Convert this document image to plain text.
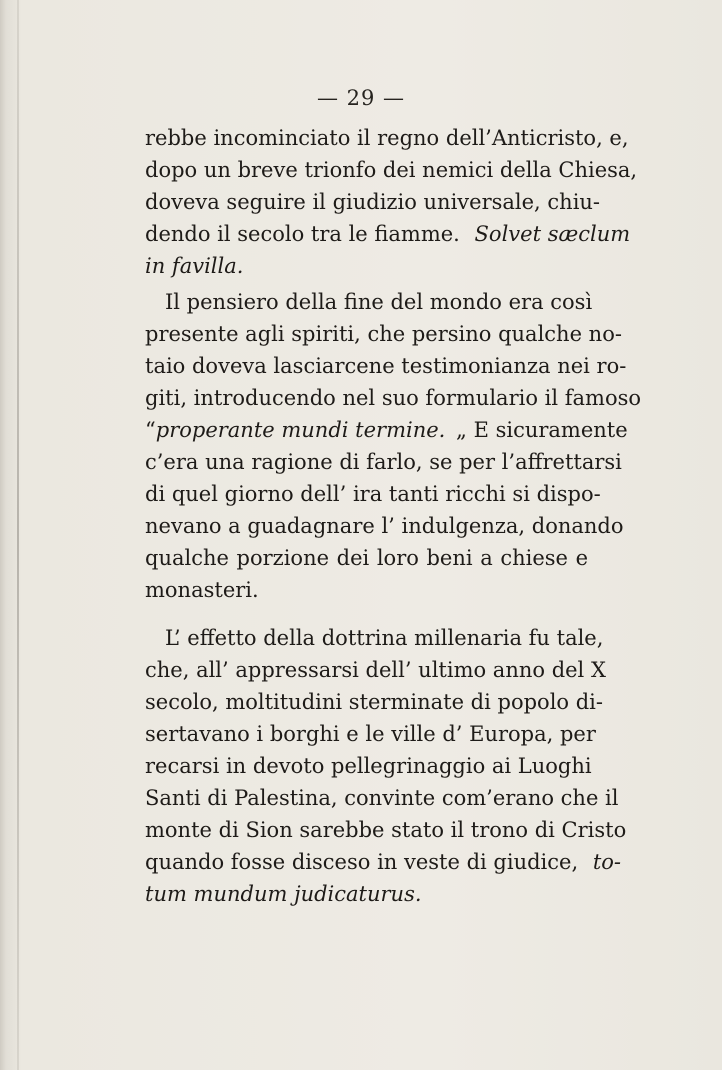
— 29 —
rebbe incominciato il regno dell’Anticristo, e,
dopo un breve trionfo dei nemici della Chiesa,
doveva seguire il giudizio universale, chiu-
dendo il secolo tra le fiamme. Solvet sæclum
in favilla.
Il pensiero della fine del mondo era così
presente agli spiriti, che persino qualche no-
taio doveva lasciarcene testimonianza nei ro-
giti, introducendo nel suo formulario il famoso
“properante mundi termine. „ E sicuramente
c’era una ragione di farlo, se per l’affrettarsi
di quel giorno dell’ ira tanti ricchi si dispo-
nevano a guadagnare l’ indulgenza, donando
qualche porzione dei loro beni a chiese e
monasteri.
L’ effetto della dottrina millenaria fu tale,
che, all’ appressarsi dell’ ultimo anno del X
secolo, moltitudini sterminate di popolo di-
sertavano i borghi e le ville d’ Europa, per
recarsi in devoto pellegrinaggio ai Luoghi
Santi di Palestina, convinte com’erano che il
monte di Sion sarebbe stato il trono di Cristo
quando fosse disceso in veste di giudice, to-
tum mundum judicaturus.
